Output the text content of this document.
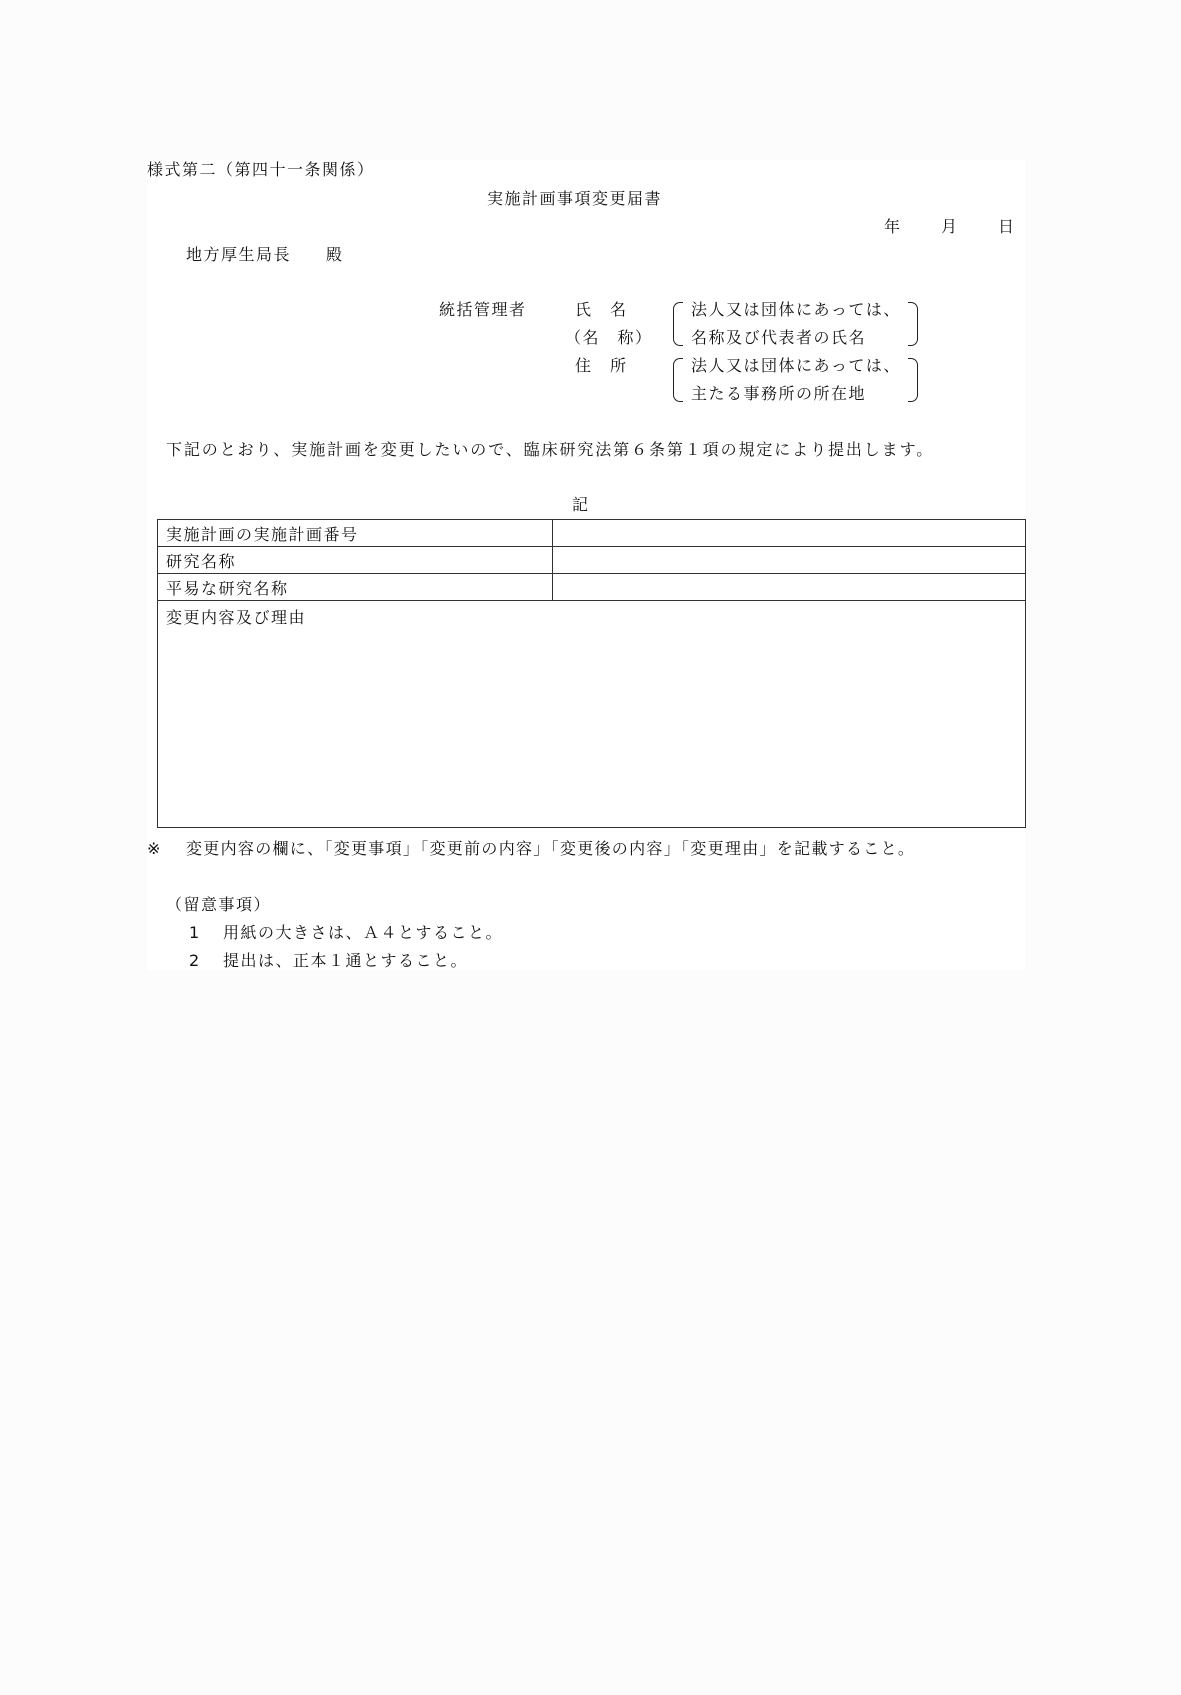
様式第二（第四十一条関係）
実施計画事項変更届書
年 月 日
地方厚生局長　　殿
統括管理者	氏　名
（名　称）
法人又は団体にあっては、
名称及び代表者の氏名
住　所	法人又は団体にあっては、
主たる事務所の所在地
下記のとおり、実施計画を変更したいので、臨床研究法第６条第１項の規定により提出します。
記
実施計画の実施計画番号	
研究名称	
平易な研究名称	

変更内容及び理由	
※ 変更内容の欄に、「変更事項」「変更前の内容」「変更後の内容」「変更理由」を記載すること。
（留意事項）
1 用紙の大きさは、Ａ４とすること。
2 提出は、正本１通とすること。
